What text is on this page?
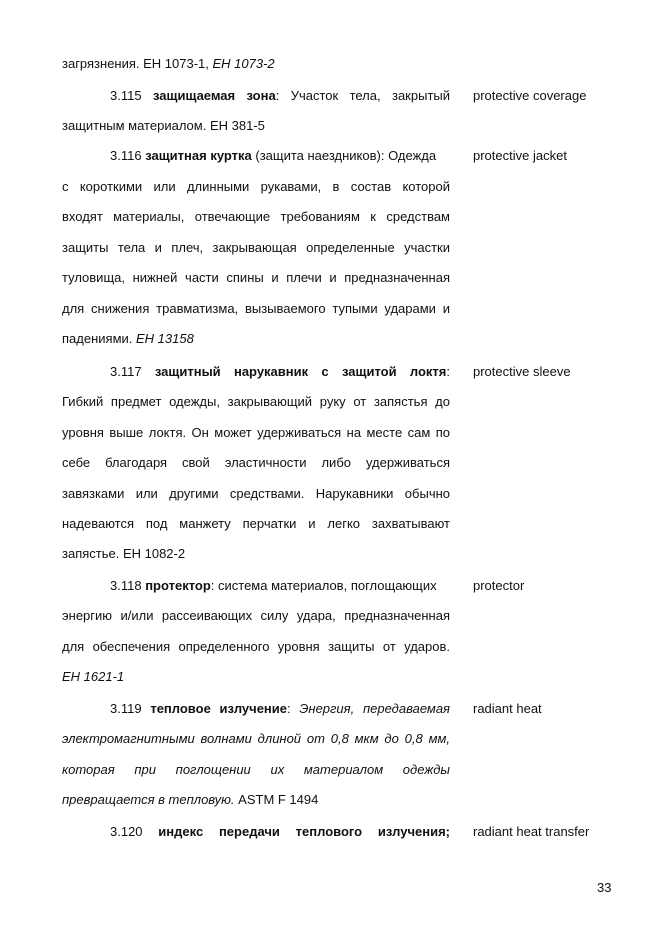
загрязнения. ЕН 1073-1, ЕН 1073-2
3.115 защищаемая зона: Участок тела, закрытый
защитным материалом. ЕН 381-5
3.116 защитная куртка (защита наездников): Одежда
с короткими или длинными рукавами, в состав которой
входят материалы, отвечающие требованиям к средствам
защиты тела и плеч, закрывающая определенные участки
туловища, нижней части спины и плечи и предназначенная
для снижения травматизма, вызываемого тупыми ударами и
падениями. ЕН 13158
3.117 защитный нарукавник с защитой локтя:
Гибкий предмет одежды, закрывающий руку от запястья до
уровня выше локтя. Он может удерживаться на месте сам по
себе благодаря свой эластичности либо удерживаться
завязками или другими средствами. Нарукавники обычно
надеваются под манжету перчатки и легко захватывают
запястье. ЕН 1082-2
3.118 протектор: система материалов, поглощающих
энергию и/или рассеивающих силу удара, предназначенная
для обеспечения определенного уровня защиты от ударов.
ЕН 1621-1
3.119 тепловое излучение: Энергия, передаваемая
электромагнитными волнами длиной от 0,8 мкм до 0,8 мм,
которая при поглощении их материалом одежды
превращается в тепловую. ASTM F 1494
3.120 индекс передачи теплового излучения;
protective coverage
protective jacket
protective sleeve
protector
radiant heat
radiant heat transfer
33
